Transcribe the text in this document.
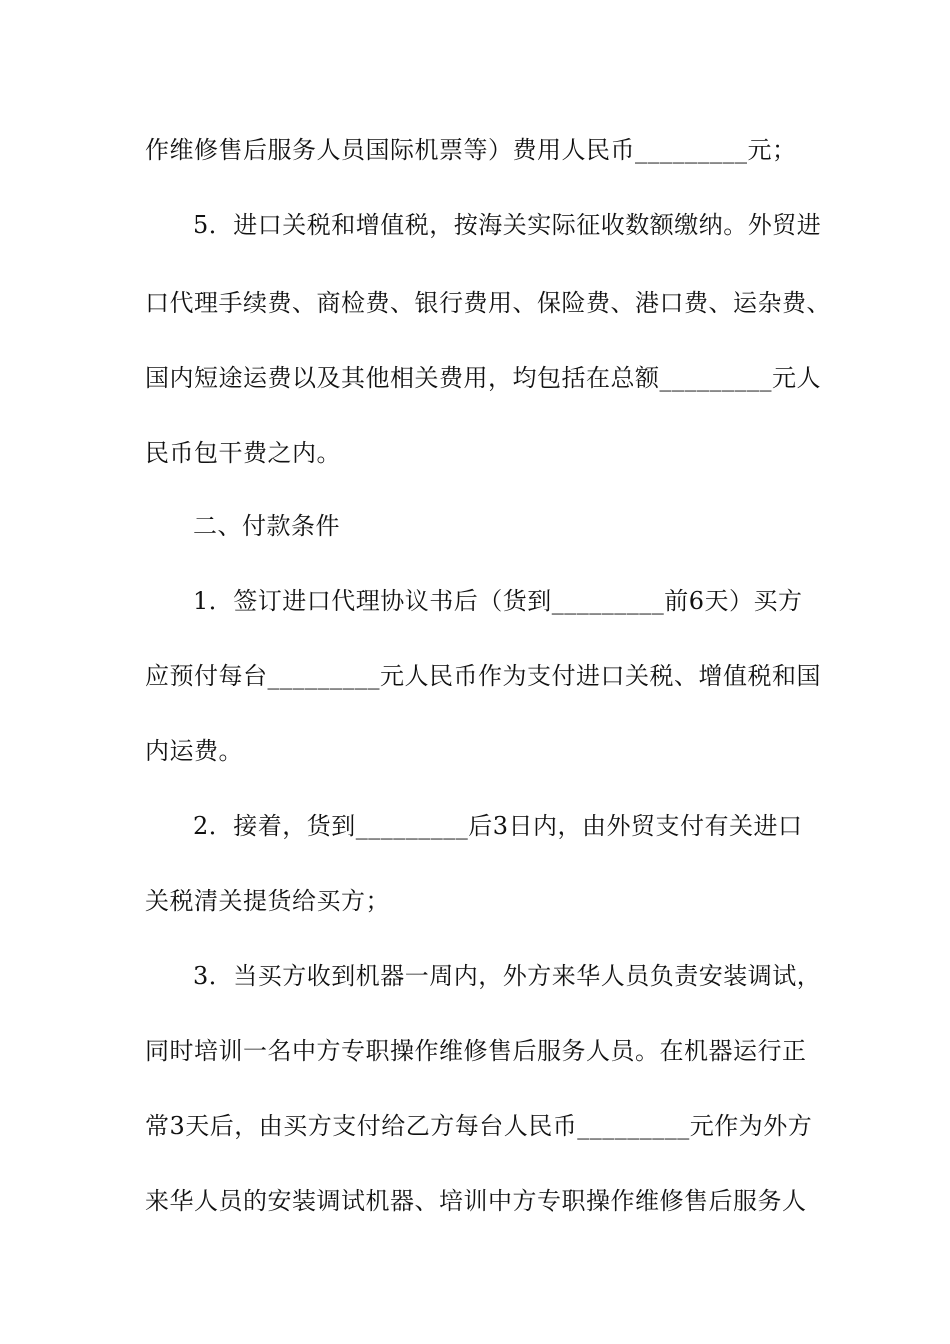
作维修售后服务人员国际机票等）费用人民币_________元；
5．进口关税和增值税，按海关实际征收数额缴纳。外贸进
口代理手续费、商检费、银行费用、保险费、港口费、运杂费、
国内短途运费以及其他相关费用，均包括在总额_________元人
民币包干费之内。
二、付款条件
1．签订进口代理协议书后（货到_________前6天）买方
应预付每台_________元人民币作为支付进口关税、增值税和国
内运费。
2．接着，货到_________后3日内，由外贸支付有关进口
关税清关提货给买方；
3．当买方收到机器一周内，外方来华人员负责安装调试，
同时培训一名中方专职操作维修售后服务人员。在机器运行正
常3天后，由买方支付给乙方每台人民币_________元作为外方
来华人员的安装调试机器、培训中方专职操作维修售后服务人
